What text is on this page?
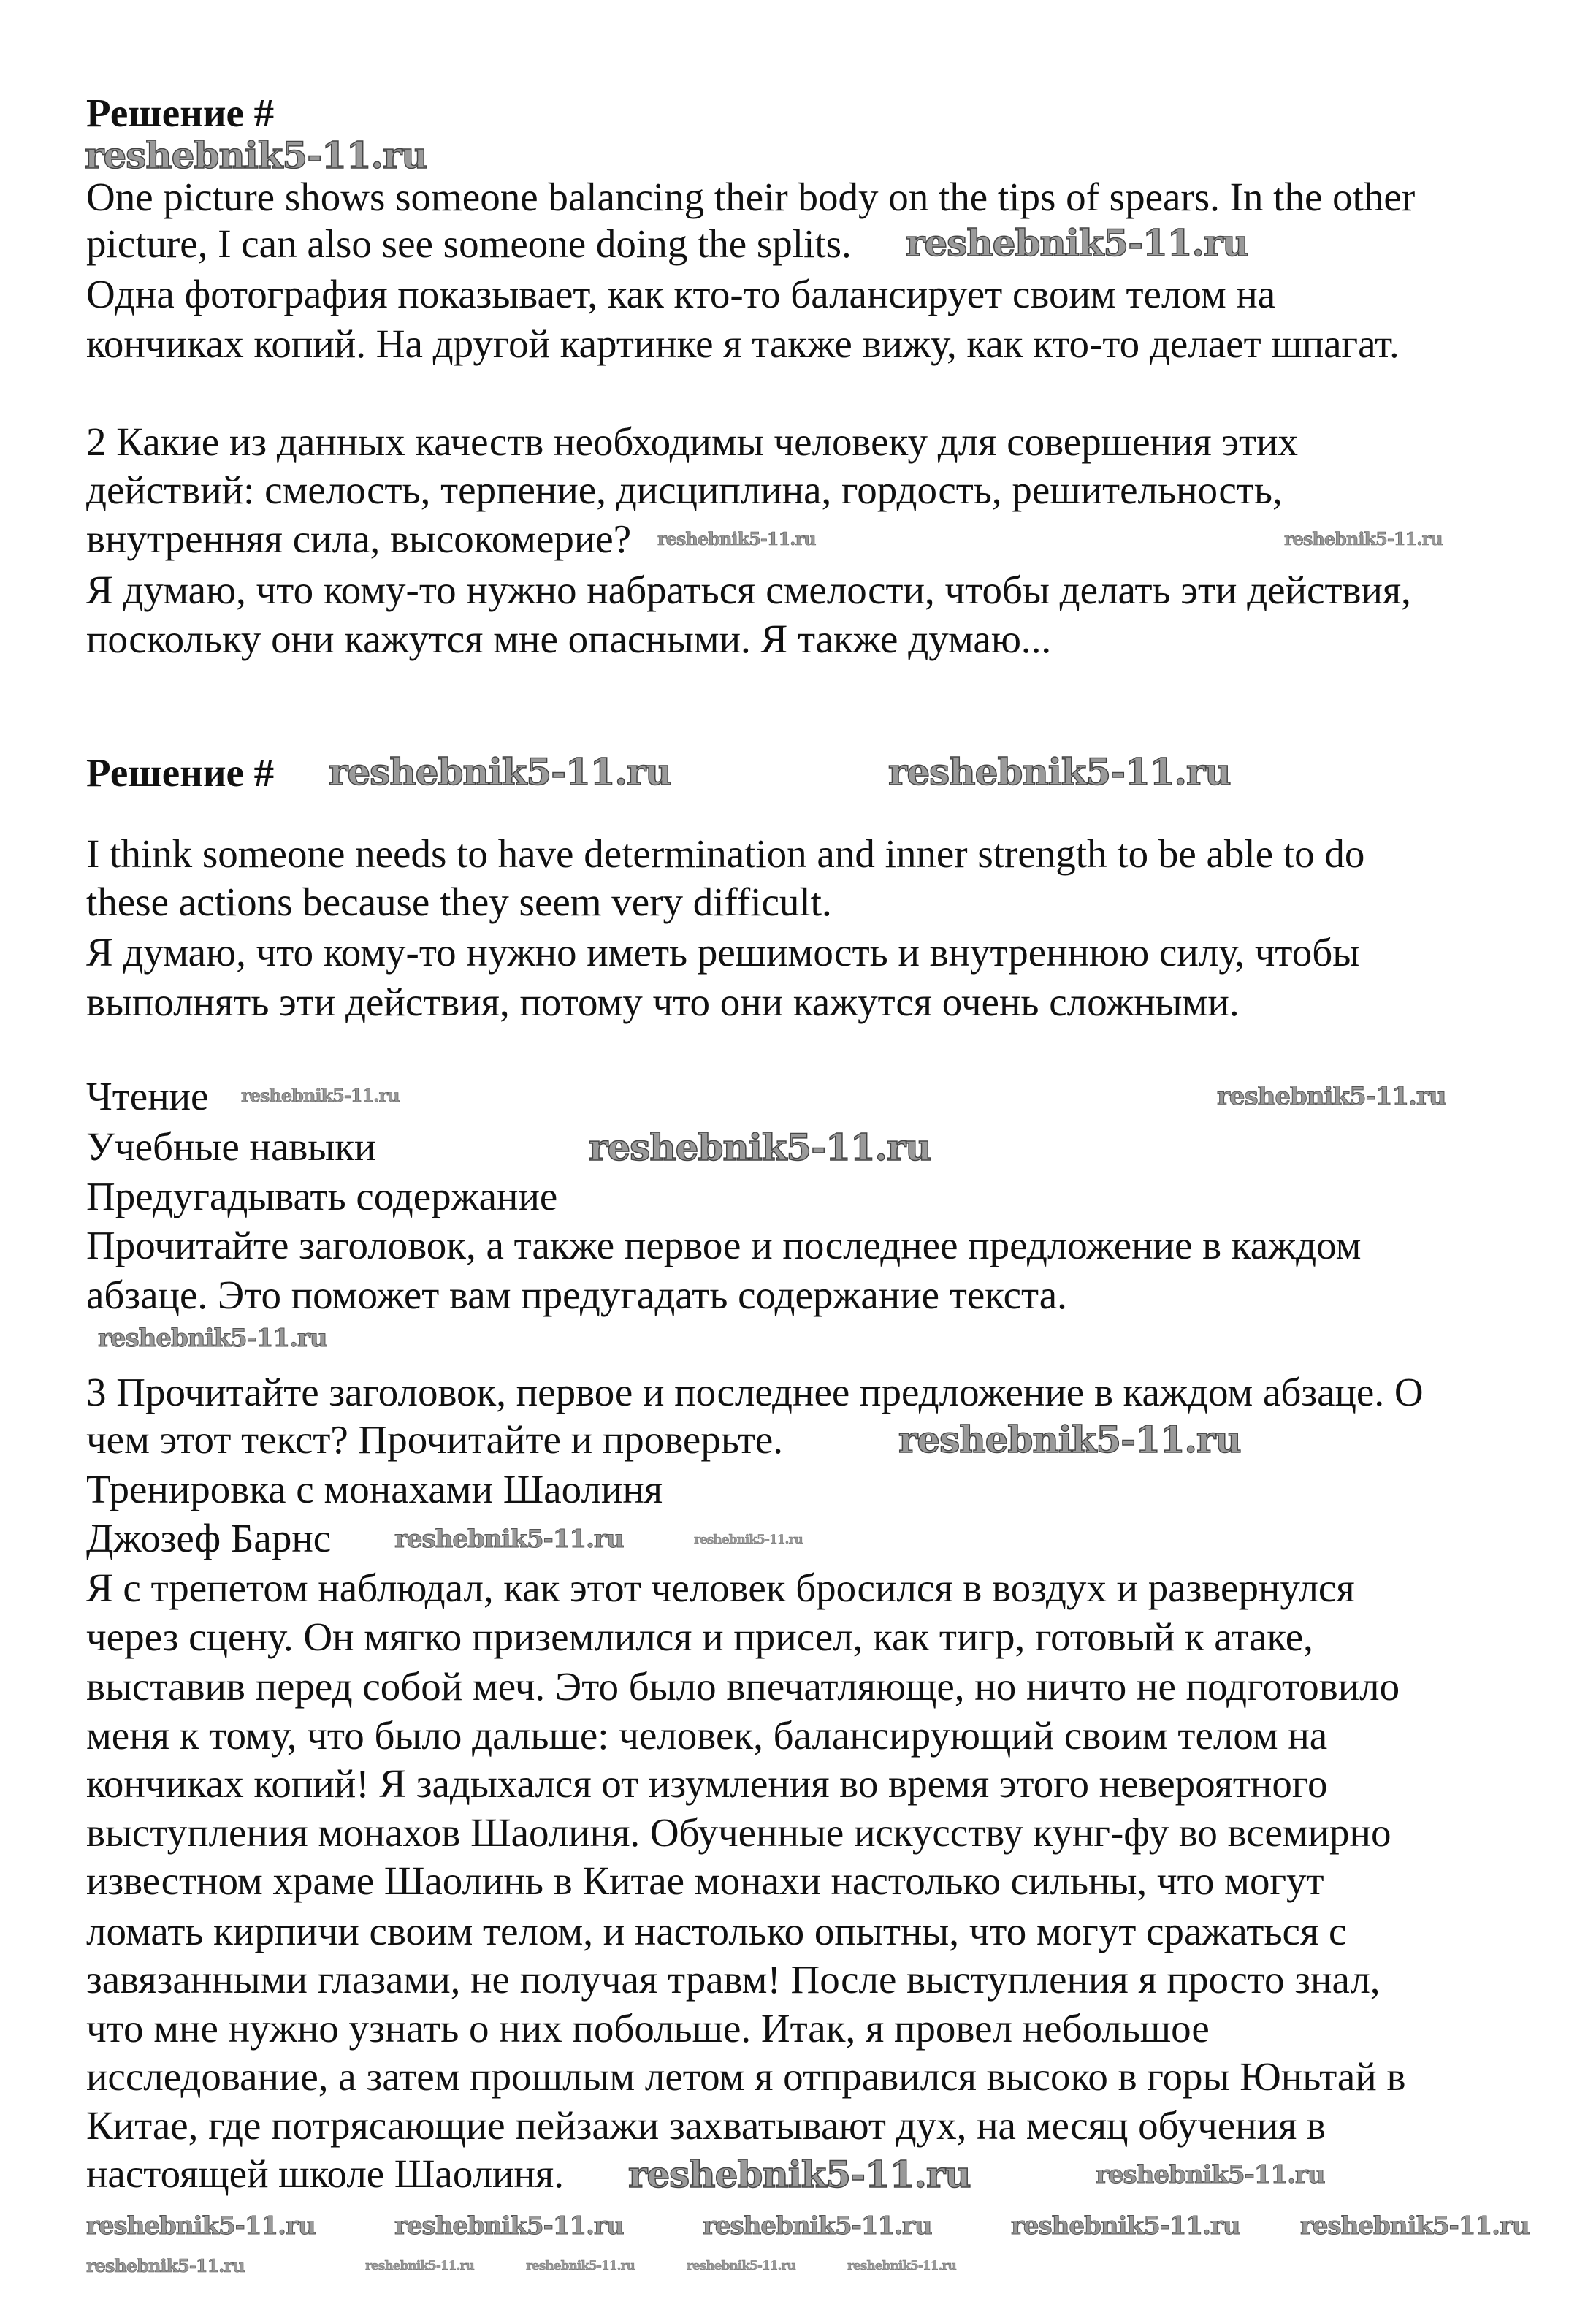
Решение #
One picture shows someone balancing their body on the tips of spears. In the other
picture, I can also see someone doing the splits.
Одна фотография показывает, как кто-то балансирует своим телом на
кончиках копий. На другой картинке я также вижу, как кто-то делает шпагат.
2 Какие из данных качеств необходимы человеку для совершения этих
действий: смелость, терпение, дисциплина, гордость, решительность,
внутренняя сила, высокомерие?
Я думаю, что кому-то нужно набраться смелости, чтобы делать эти действия,
поскольку они кажутся мне опасными. Я также думаю...
Решение #
I think someone needs to have determination and inner strength to be able to do
these actions because they seem very difficult.
Я думаю, что кому-то нужно иметь решимость и внутреннюю силу, чтобы
выполнять эти действия, потому что они кажутся очень сложными.
Чтение
Учебные навыки
Предугадывать содержание
Прочитайте заголовок, а также первое и последнее предложение в каждом
абзаце. Это поможет вам предугадать содержание текста.
3 Прочитайте заголовок, первое и последнее предложение в каждом абзаце. О
чем этот текст? Прочитайте и проверьте.
Тренировка с монахами Шаолиня
Джозеф Барнс
Я с трепетом наблюдал, как этот человек бросился в воздух и развернулся
через сцену. Он мягко приземлился и присел, как тигр, готовый к атаке,
выставив перед собой меч. Это было впечатляюще, но ничто не подготовило
меня к тому, что было дальше: человек, балансирующий своим телом на
кончиках копий! Я задыхался от изумления во время этого невероятного
выступления монахов Шаолиня. Обученные искусству кунг-фу во всемирно
известном храме Шаолинь в Китае монахи настолько сильны, что могут
ломать кирпичи своим телом, и настолько опытны, что могут сражаться с
завязанными глазами, не получая травм! После выступления я просто знал,
что мне нужно узнать о них побольше. Итак, я провел небольшое
исследование, а затем прошлым летом я отправился высоко в горы Юньтай в
Китае, где потрясающие пейзажи захватывают дух, на месяц обучения в
настоящей школе Шаолиня.
reshebnik5-11.ru
reshebnik5-11.ru
reshebnik5-11.ru	reshebnik5-11.ru
reshebnik5-11.ru
reshebnik5-11.ru
reshebnik5-11.ru
reshebnik5-11.ru
reshebnik5-11.ru
reshebnik5-11.ru	reshebnik5-11.ru
reshebnik5-11.ru	reshebnik5-11.ru	reshebnik5-11.ru	reshebnik5-11.ru reshebnik5-11.ru
reshebnik5-11.ru
reshebnik5-11.ru	reshebnik5-11.ru
reshebnik5-11.ru
reshebnik5-11.ru
reshebnik5-11.ru	reshebnik5-11.ru	reshebnik5-11.ru	reshebnik5-11.ru
